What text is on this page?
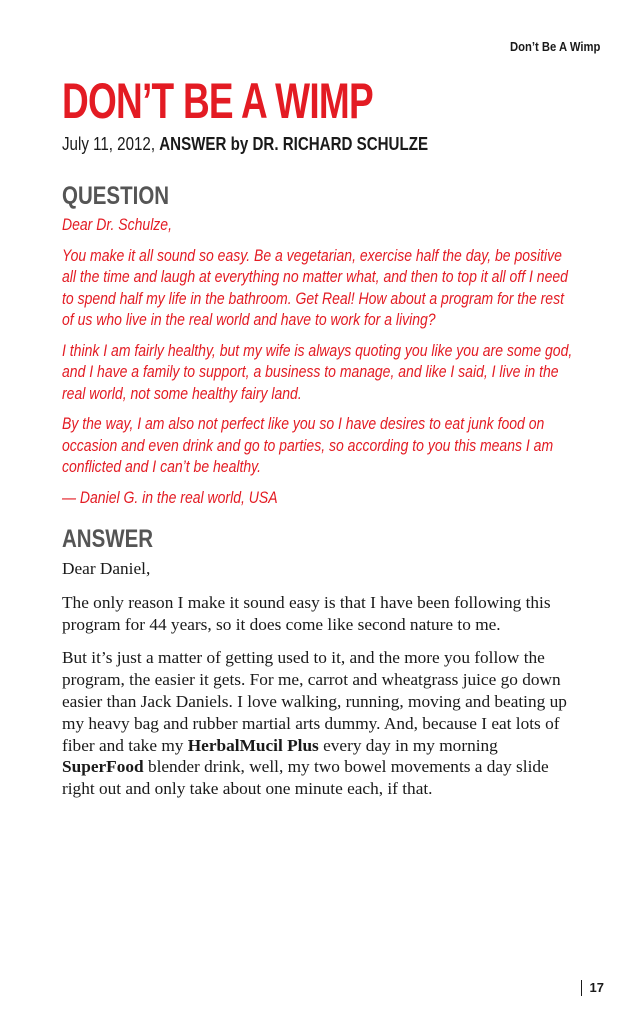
Don’t Be A Wimp
DON’T BE A WIMP
July 11, 2012, ANSWER by DR. RICHARD SCHULZE
QUESTION

Dear Dr. Schulze,

You make it all sound so easy. Be a vegetarian, exercise half the day, be positive all the time and laugh at everything no matter what, and then to top it all off I need to spend half my life in the bathroom. Get Real! How about a program for the rest of us who live in the real world and have to work for a living?

I think I am fairly healthy, but my wife is always quoting you like you are some god, and I have a family to support, a business to manage, and like I said, I live in the real world, not some healthy fairy land.

By the way, I am also not perfect like you so I have desires to eat junk food on occasion and even drink and go to parties, so according to you this means I am conflicted and I can’t be healthy.

— Daniel G. in the real world, USA

ANSWER

Dear Daniel,

The only reason I make it sound easy is that I have been following this program for 44 years, so it does come like second nature to me.

But it’s just a matter of getting used to it, and the more you follow the program, the easier it gets. For me, carrot and wheatgrass juice go down easier than Jack Daniels. I love walking, running, moving and beating up my heavy bag and rubber martial arts dummy. And, because I eat lots of fiber and take my HerbalMucil Plus every day in my morning SuperFood blender drink, well, my two bowel movements a day slide right out and only take about one minute each, if that.

17
